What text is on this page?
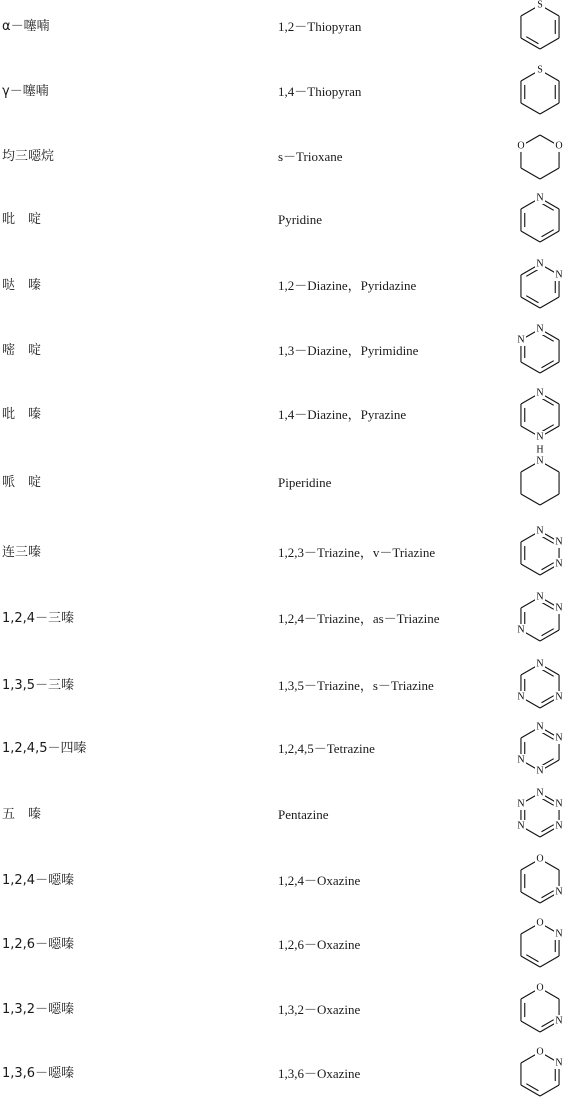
α－噻喃	1,2－Thiopyran
S
γ－噻喃	1,4－Thiopyran
S
均三噁烷	s－Trioxane
O
O
吡　啶	Pyridine
N
哒　嗪	1,2－Diazine，Pyridazine
N
N
嘧　啶	1,3－Diazine，Pyrimidine
N
N
吡　嗪	1,4－Diazine，Pyrazine
N
N
哌　啶	Piperidine
H
N
连三嗪	1,2,3－Triazine，v－Triazine
N
N
N
1,2,4－三嗪	1,2,4－Triazine，as－Triazine
N
N
N
1,3,5－三嗪	1,3,5－Triazine，s－Triazine
N
N
N
1,2,4,5－四嗪	1,2,4,5－Tetrazine
N
N
N
N
五　嗪	Pentazine
N
N
N
N
N
1,2,4－噁嗪	1,2,4－Oxazine
O
N
1,2,6－噁嗪	1,2,6－Oxazine
O
N
1,3,2－噁嗪	1,3,2－Oxazine
O
N
1,3,6－噁嗪	1,3,6－Oxazine
O
N
